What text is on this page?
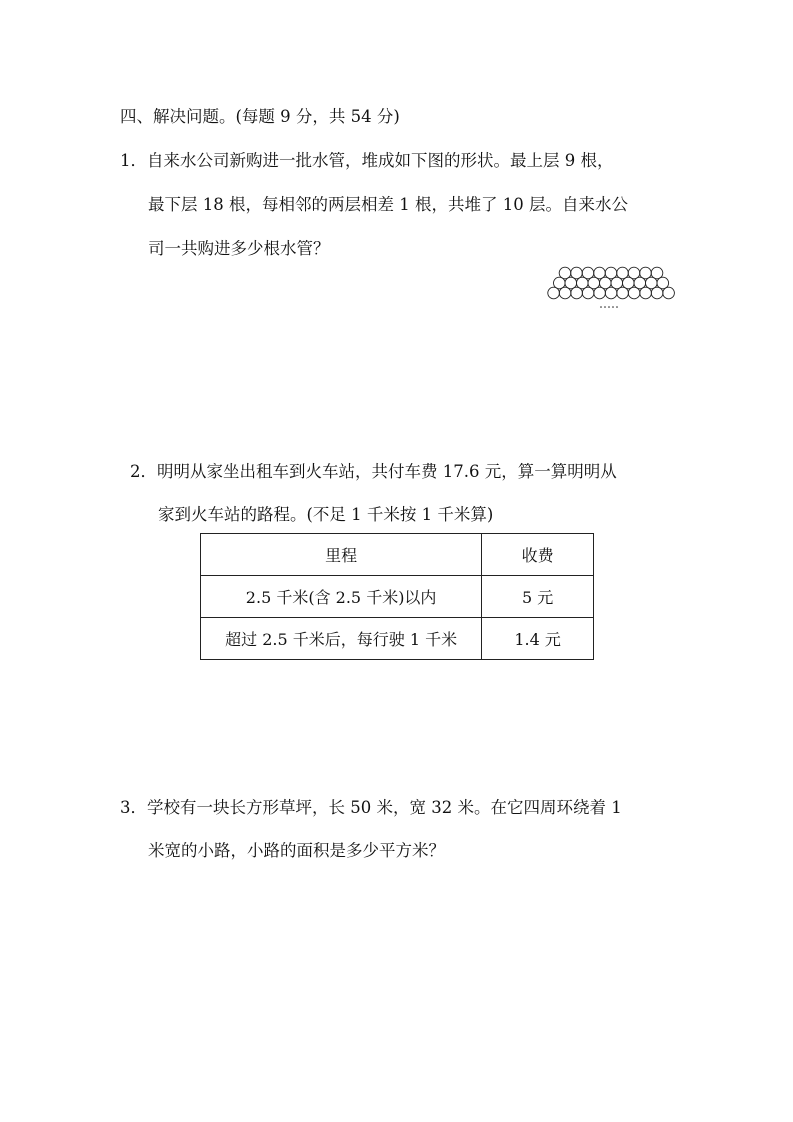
四、解决问题。(每题 9 分，共 54 分)
1．自来水公司新购进一批水管，堆成如下图的形状。最上层 9 根，
最下层 18 根，每相邻的两层相差 1 根，共堆了 10 层。自来水公
司一共购进多少根水管？
2．明明从家坐出租车到火车站，共付车费 17.6 元，算一算明明从
家到火车站的路程。(不足 1 千米按 1 千米算)
里程	收费
2.5 千米(含 2.5 千米)以内	5 元
超过 2.5 千米后，每行驶 1 千米	1.4 元
3．学校有一块长方形草坪，长 50 米，宽 32 米。在它四周环绕着 1
米宽的小路，小路的面积是多少平方米？
